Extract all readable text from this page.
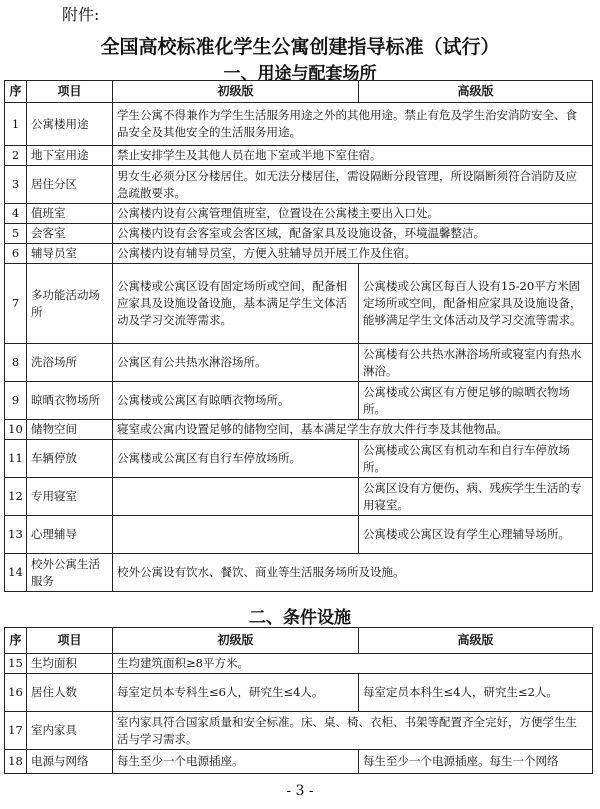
附件:
全国高校标准化学生公寓创建指导标准（试行）
一、用途与配套场所
序	项目	初级版	高级版
1	公寓楼用途	学生公寓不得兼作为学生生活服务用途之外的其他用途。禁止有危及学生治安消防安全、食品安全及其他安全的生活服务用途。	
2	地下室用途	禁止安排学生及其他人员在地下室或半地下室住宿。	
3	居住分区	男女生必须分区分楼居住。如无法分楼居住，需设隔断分段管理，所设隔断须符合消防及应急疏散要求。	
4	值班室	公寓楼内设有公寓管理值班室，位置设在公寓楼主要出入口处。	
5	会客室	公寓楼内设有会客室或会客区域，配备家具及设施设备，环境温馨整洁。	
6	辅导员室	公寓楼内设有辅导员室，方便入驻辅导员开展工作及住宿。	
7	多功能活动场所	公寓楼或公寓区设有固定场所或空间，配备相应家具及设施设备设施，基本满足学生文体活动及学习交流等需求。	公寓楼或公寓区每百人设有15-20平方米固定场所或空间，配备相应家具及设施设备，能够满足学生文体活动及学习交流等需求。
8	洗浴场所	公寓区有公共热水淋浴场所。	公寓楼有公共热水淋浴场所或寝室内有热水淋浴。
9	晾晒衣物场所	公寓楼或公寓区有晾晒衣物场所。	公寓楼或公寓区有方便足够的晾晒衣物场所。
10	储物空间	寝室或公寓内设置足够的储物空间，基本满足学生存放大件行李及其他物品。	
11	车辆停放	公寓楼或公寓区有自行车停放场所。	公寓楼或公寓区有机动车和自行车停放场所。
12	专用寝室		公寓区设有方便伤、病、残疾学生生活的专用寝室。
13	心理辅导		公寓楼或公寓区设有学生心理辅导场所。
14	校外公寓生活服务	校外公寓设有饮水、餐饮、商业等生活服务场所及设施。	
二、条件设施
序	项目	初级版	高级版
15	生均面积	生均建筑面积≥8平方米。	
16	居住人数	每室定员本专科生≤6人，研究生≤4人。	每室定员本科生≤4人，研究生≤2人。
17	室内家具	室内家具符合国家质量和安全标准。床、桌、椅、衣柜、书架等配置齐全完好，方便学生生活与学习需求。	
18	电源与网络	每生至少一个电源插座。	每生至少一个电源插座。每生一个网络
- 3 -
